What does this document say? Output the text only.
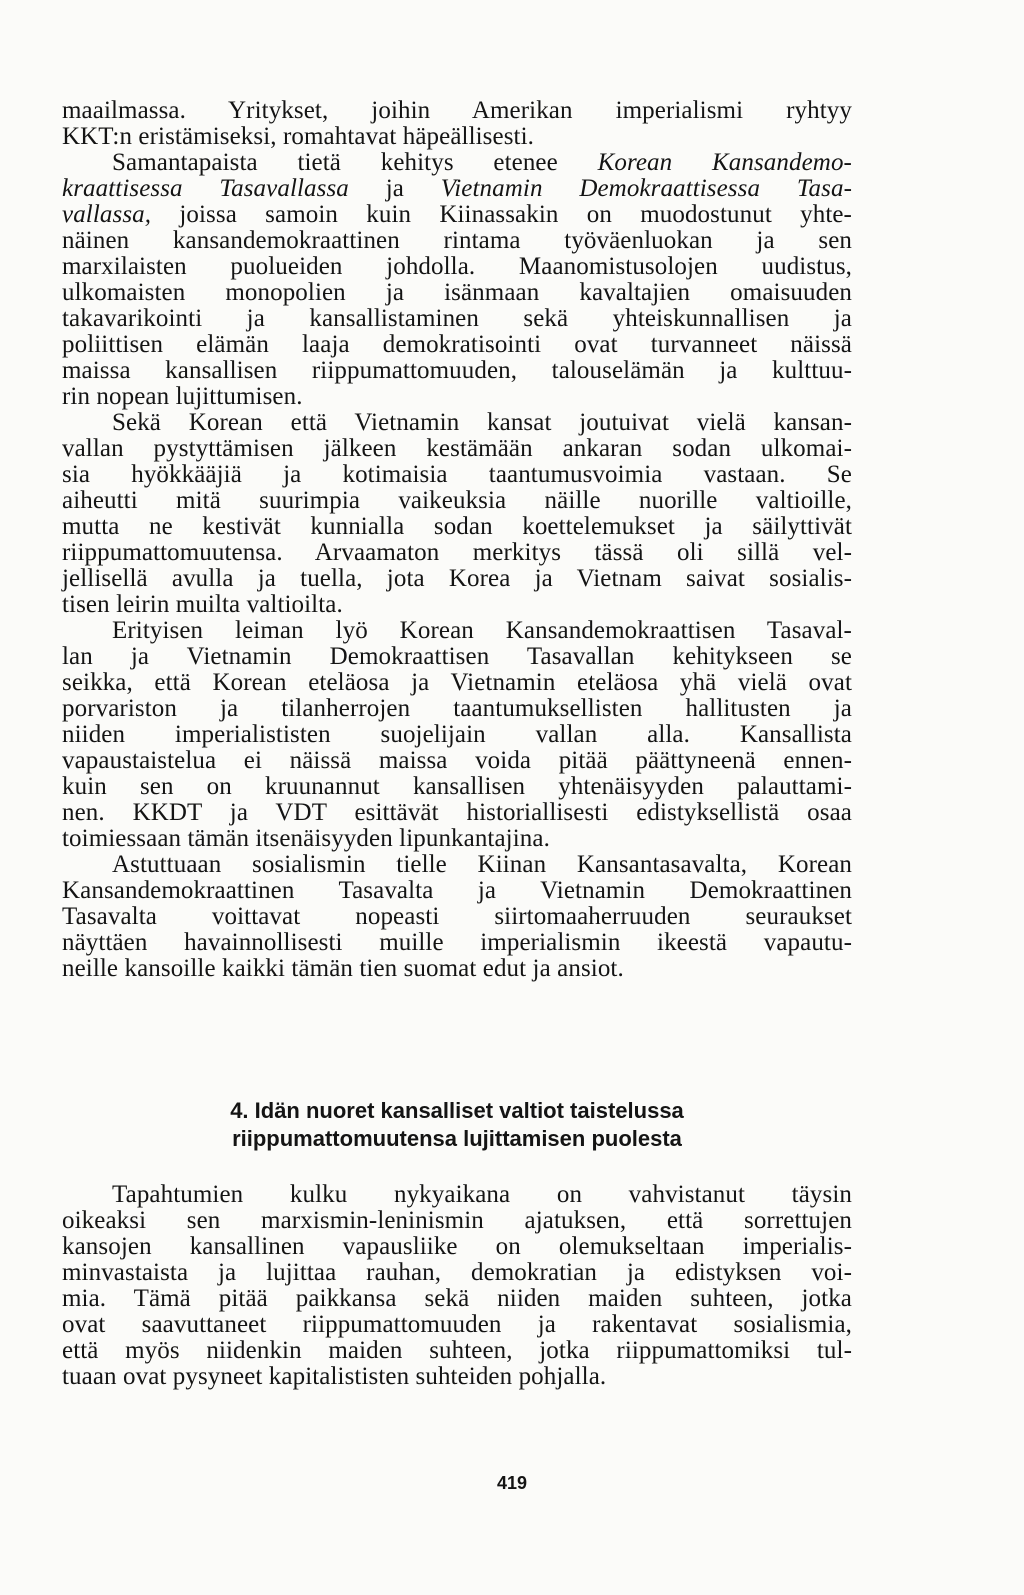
maailmassa. Yritykset, joihin Amerikan imperialismi ryhtyy
KKT:n eristämiseksi, romahtavat häpeällisesti.
Samantapaista tietä kehitys etenee Korean Kansandemo-
kraattisessa Tasavallassa ja Vietnamin Demokraattisessa Tasa-
vallassa, joissa samoin kuin Kiinassakin on muodostunut yhte-
näinen kansandemokraattinen rintama työväenluokan ja sen
marxilaisten puolueiden johdolla. Maanomistusolojen uudistus,
ulkomaisten monopolien ja isänmaan kavaltajien omaisuuden
takavarikointi ja kansallistaminen sekä yhteiskunnallisen ja
poliittisen elämän laaja demokratisointi ovat turvanneet näissä
maissa kansallisen riippumattomuuden, talouselämän ja kulttuu-
rin nopean lujittumisen.
Sekä Korean että Vietnamin kansat joutuivat vielä kansan-
vallan pystyttämisen jälkeen kestämään ankaran sodan ulkomai-
sia hyökkääjiä ja kotimaisia taantumusvoimia vastaan. Se
aiheutti mitä suurimpia vaikeuksia näille nuorille valtioille,
mutta ne kestivät kunnialla sodan koettelemukset ja säilyttivät
riippumattomuutensa. Arvaamaton merkitys tässä oli sillä vel-
jellisellä avulla ja tuella, jota Korea ja Vietnam saivat sosialis-
tisen leirin muilta valtioilta.
Erityisen leiman lyö Korean Kansandemokraattisen Tasaval-
lan ja Vietnamin Demokraattisen Tasavallan kehitykseen se
seikka, että Korean eteläosa ja Vietnamin eteläosa yhä vielä ovat
porvariston ja tilanherrojen taantumuksellisten hallitusten ja
niiden imperialististen suojelijain vallan alla. Kansallista
vapaustaistelua ei näissä maissa voida pitää päättyneenä ennen-
kuin sen on kruunannut kansallisen yhtenäisyyden palauttami-
nen. KKDT ja VDT esittävät historiallisesti edistyksellistä osaa
toimiessaan tämän itsenäisyyden lipunkantajina.
Astuttuaan sosialismin tielle Kiinan Kansantasavalta, Korean
Kansandemokraattinen Tasavalta ja Vietnamin Demokraattinen
Tasavalta voittavat nopeasti siirtomaaherruuden seuraukset
näyttäen havainnollisesti muille imperialismin ikeestä vapautu-
neille kansoille kaikki tämän tien suomat edut ja ansiot.
4. Idän nuoret kansalliset valtiot taistelussa
riippumattomuutensa lujittamisen puolesta
Tapahtumien kulku nykyaikana on vahvistanut täysin
oikeaksi sen marxismin-leninismin ajatuksen, että sorrettujen
kansojen kansallinen vapausliike on olemukseltaan imperialis-
minvastaista ja lujittaa rauhan, demokratian ja edistyksen voi-
mia. Tämä pitää paikkansa sekä niiden maiden suhteen, jotka
ovat saavuttaneet riippumattomuuden ja rakentavat sosialismia,
että myös niidenkin maiden suhteen, jotka riippumattomiksi tul-
tuaan ovat pysyneet kapitalististen suhteiden pohjalla.
419
